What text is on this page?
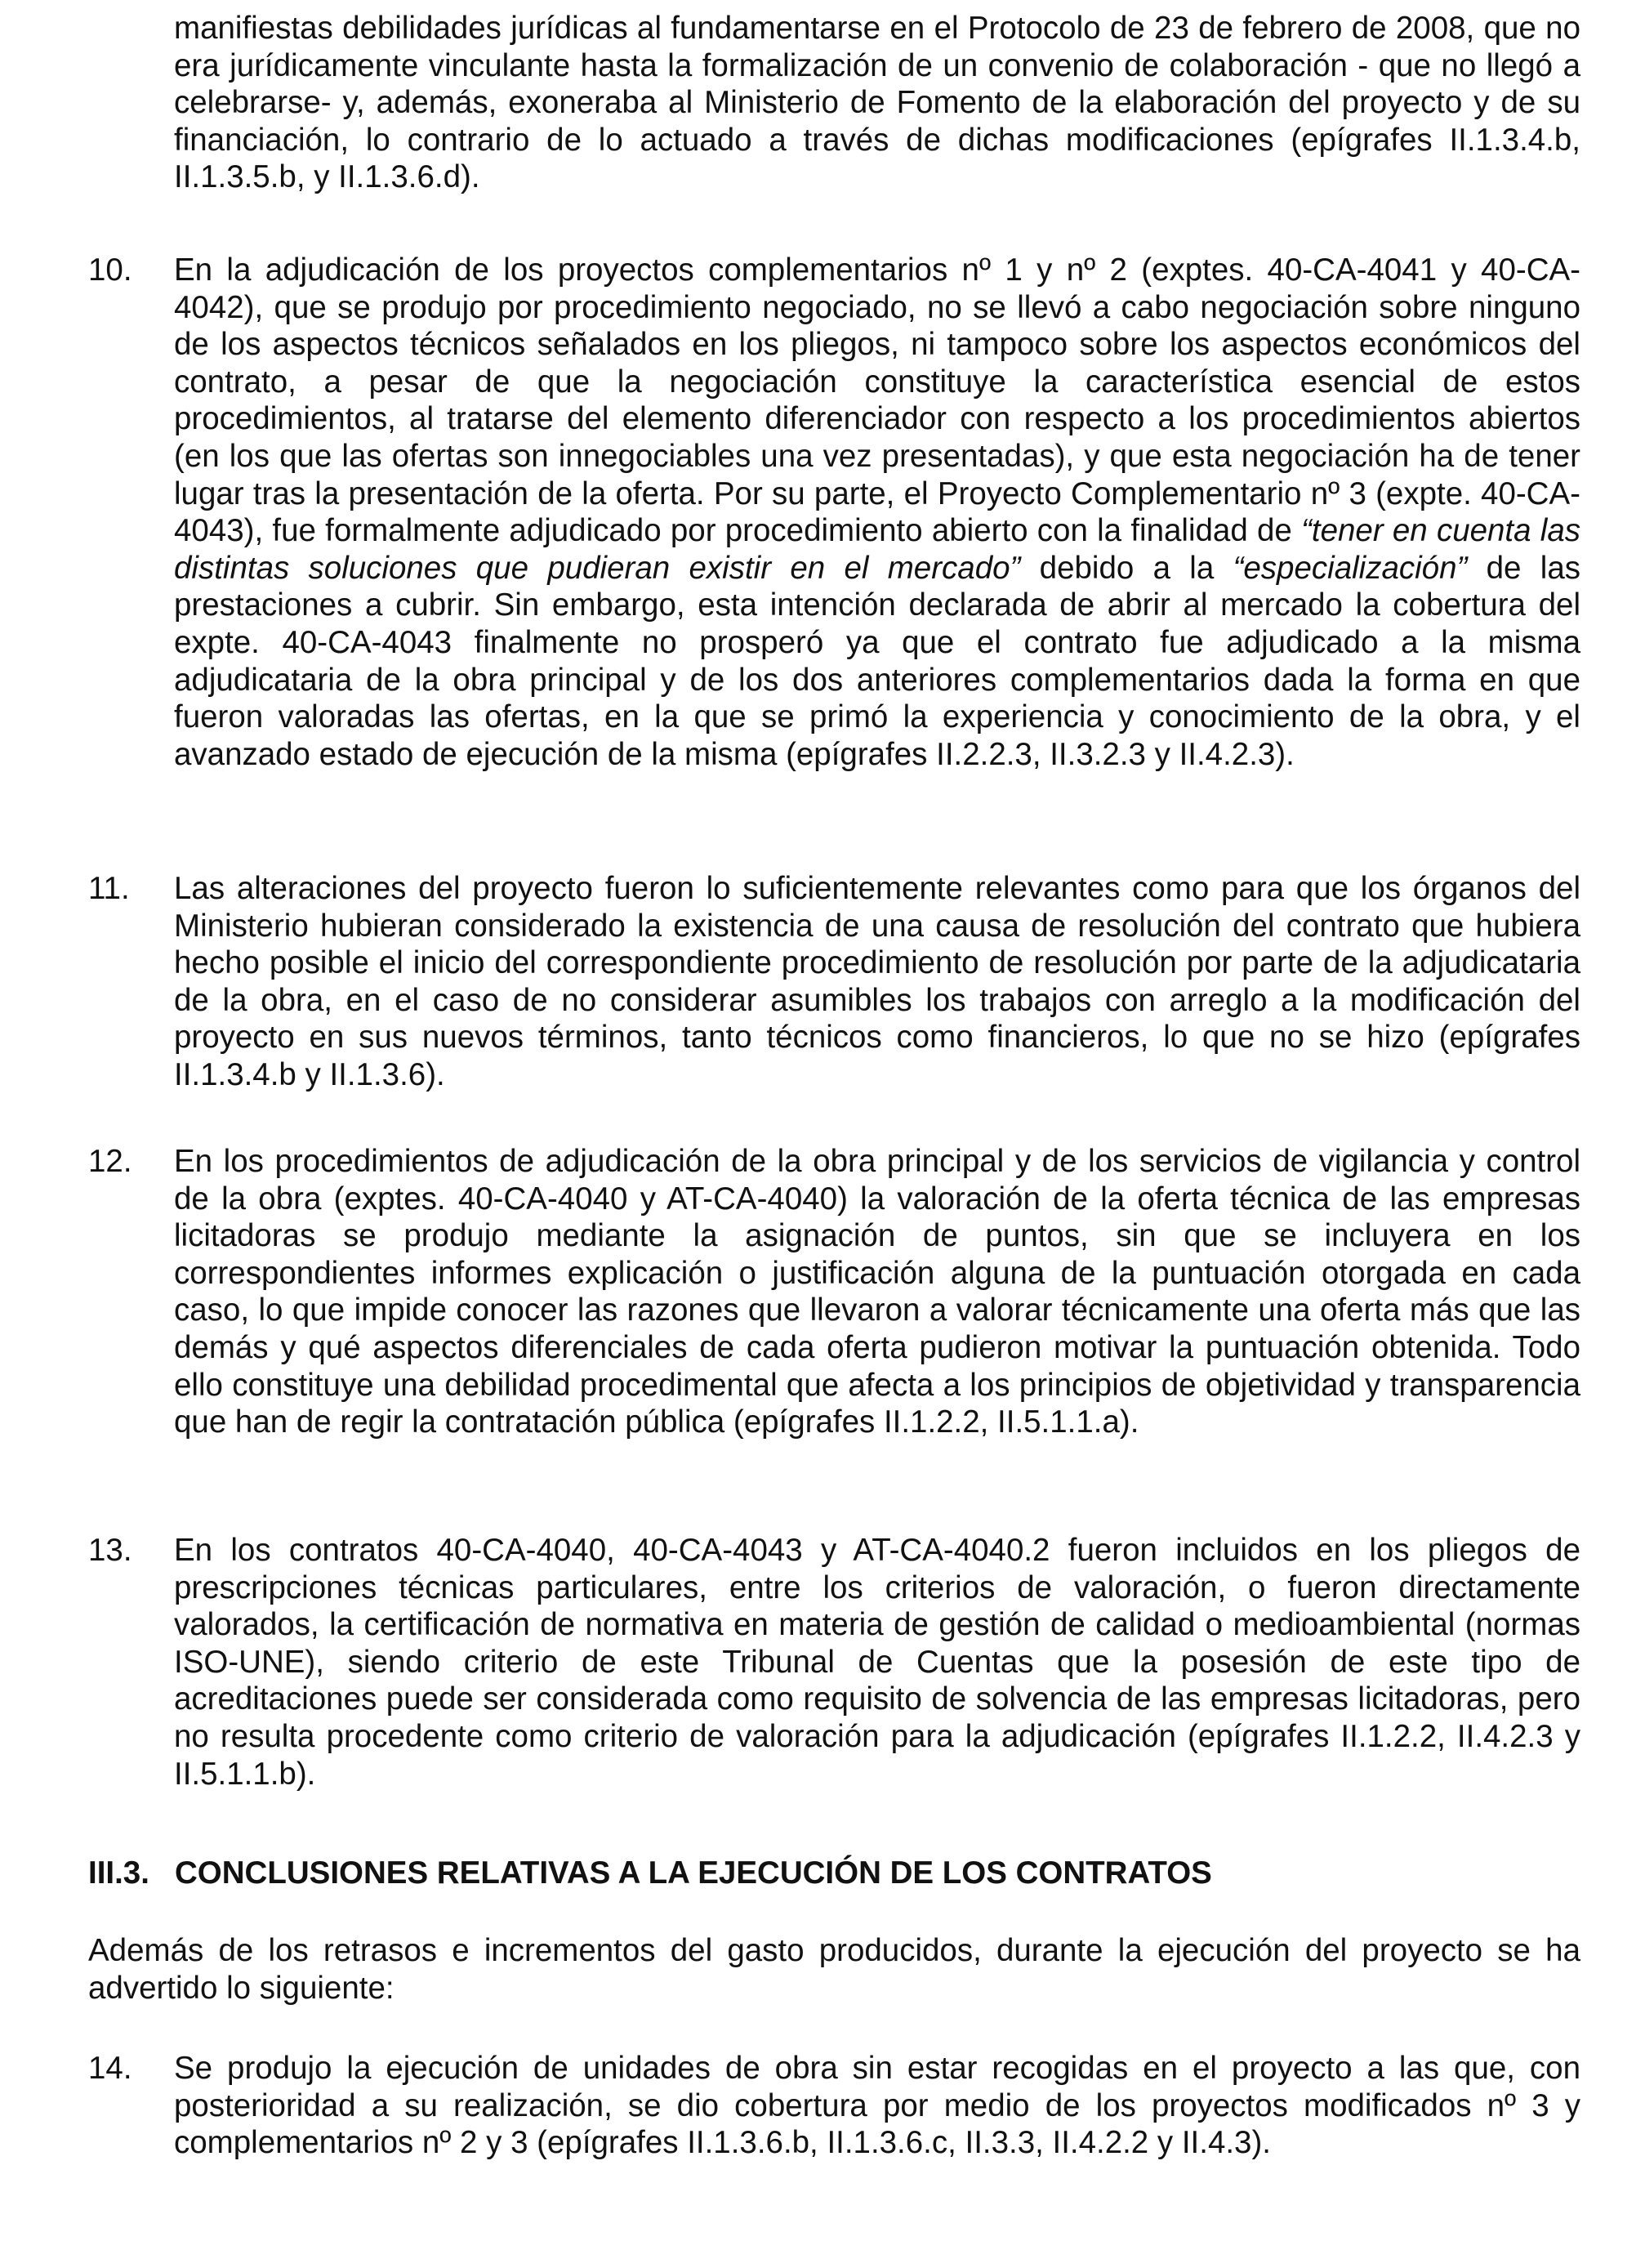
manifiestas debilidades jurídicas al fundamentarse en el Protocolo de 23 de febrero de 2008, que no era jurídicamente vinculante hasta la formalización de un convenio de colaboración - que no llegó a celebrarse- y, además, exoneraba al Ministerio de Fomento de la elaboración del proyecto y de su financiación, lo contrario de lo actuado a través de dichas modificaciones (epígrafes II.1.3.4.b, II.1.3.5.b, y II.1.3.6.d).

10. En la adjudicación de los proyectos complementarios nº 1 y nº 2 (exptes. 40-CA-4041 y 40-CA-4042), que se produjo por procedimiento negociado, no se llevó a cabo negociación sobre ninguno de los aspectos técnicos señalados en los pliegos, ni tampoco sobre los aspectos económicos del contrato, a pesar de que la negociación constituye la característica esencial de estos procedimientos, al tratarse del elemento diferenciador con respecto a los procedimientos abiertos (en los que las ofertas son innegociables una vez presentadas), y que esta negociación ha de tener lugar tras la presentación de la oferta. Por su parte, el Proyecto Complementario nº 3 (expte. 40-CA-4043), fue formalmente adjudicado por procedimiento abierto con la finalidad de “tener en cuenta las distintas soluciones que pudieran existir en el mercado” debido a la “especialización” de las prestaciones a cubrir. Sin embargo, esta intención declarada de abrir al mercado la cobertura del expte. 40-CA-4043 finalmente no prosperó ya que el contrato fue adjudicado a la misma adjudicataria de la obra principal y de los dos anteriores complementarios dada la forma en que fueron valoradas las ofertas, en la que se primó la experiencia y conocimiento de la obra, y el avanzado estado de ejecución de la misma (epígrafes II.2.2.3, II.3.2.3 y II.4.2.3).

11. Las alteraciones del proyecto fueron lo suficientemente relevantes como para que los órganos del Ministerio hubieran considerado la existencia de una causa de resolución del contrato que hubiera hecho posible el inicio del correspondiente procedimiento de resolución por parte de la adjudicataria de la obra, en el caso de no considerar asumibles los trabajos con arreglo a la modificación del proyecto en sus nuevos términos, tanto técnicos como financieros, lo que no se hizo (epígrafes II.1.3.4.b y II.1.3.6).

12. En los procedimientos de adjudicación de la obra principal y de los servicios de vigilancia y control de la obra (exptes. 40-CA-4040 y AT-CA-4040) la valoración de la oferta técnica de las empresas licitadoras se produjo mediante la asignación de puntos, sin que se incluyera en los correspondientes informes explicación o justificación alguna de la puntuación otorgada en cada caso, lo que impide conocer las razones que llevaron a valorar técnicamente una oferta más que las demás y qué aspectos diferenciales de cada oferta pudieron motivar la puntuación obtenida. Todo ello constituye una debilidad procedimental que afecta a los principios de objetividad y transparencia que han de regir la contratación pública (epígrafes II.1.2.2, II.5.1.1.a).

13. En los contratos 40-CA-4040, 40-CA-4043 y AT-CA-4040.2 fueron incluidos en los pliegos de prescripciones técnicas particulares, entre los criterios de valoración, o fueron directamente valorados, la certificación de normativa en materia de gestión de calidad o medioambiental (normas ISO-UNE), siendo criterio de este Tribunal de Cuentas que la posesión de este tipo de acreditaciones puede ser considerada como requisito de solvencia de las empresas licitadoras, pero no resulta procedente como criterio de valoración para la adjudicación (epígrafes II.1.2.2, II.4.2.3 y II.5.1.1.b).

III.3. CONCLUSIONES RELATIVAS A LA EJECUCIÓN DE LOS CONTRATOS

Además de los retrasos e incrementos del gasto producidos, durante la ejecución del proyecto se ha advertido lo siguiente:

14. Se produjo la ejecución de unidades de obra sin estar recogidas en el proyecto a las que, con posterioridad a su realización, se dio cobertura por medio de los proyectos modificados nº 3 y complementarios nº 2 y 3 (epígrafes II.1.3.6.b, II.1.3.6.c, II.3.3, II.4.2.2 y II.4.3).
